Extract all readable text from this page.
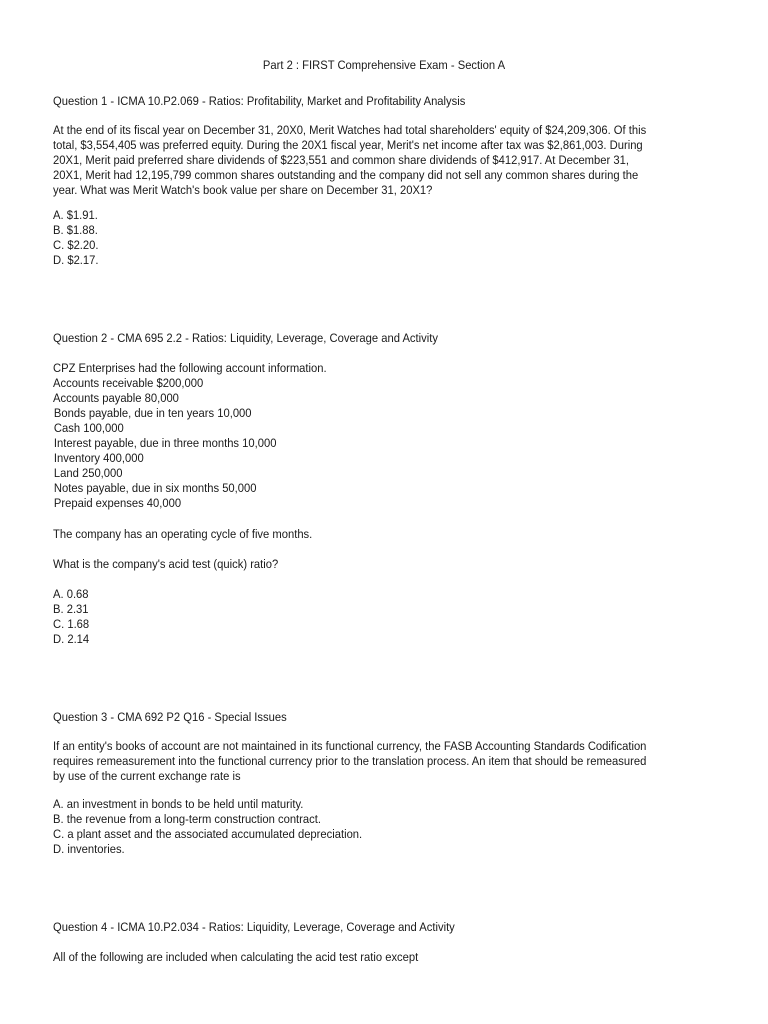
Part 2 : FIRST Comprehensive Exam - Section A
Question 1 - ICMA 10.P2.069 - Ratios: Profitability, Market and Profitability Analysis
At the end of its fiscal year on December 31, 20X0, Merit Watches had total shareholders' equity of $24,209,306. Of this
total, $3,554,405 was preferred equity. During the 20X1 fiscal year, Merit's net income after tax was $2,861,003. During
20X1, Merit paid preferred share dividends of $223,551 and common share dividends of $412,917. At December 31,
20X1, Merit had 12,195,799 common shares outstanding and the company did not sell any common shares during the
year. What was Merit Watch's book value per share on December 31, 20X1?
A. $1.91.
B. $1.88.
C. $2.20.
D. $2.17.
Question 2 - CMA 695 2.2 - Ratios: Liquidity, Leverage, Coverage and Activity
CPZ Enterprises had the following account information.
Accounts receivable $200,000
Accounts payable 80,000
Bonds payable, due in ten years 10,000
Cash 100,000
Interest payable, due in three months 10,000
Inventory 400,000
Land 250,000
Notes payable, due in six months 50,000
Prepaid expenses 40,000
The company has an operating cycle of five months.
What is the company's acid test (quick) ratio?
A. 0.68
B. 2.31
C. 1.68
D. 2.14
Question 3 - CMA 692 P2 Q16 - Special Issues
If an entity's books of account are not maintained in its functional currency, the FASB Accounting Standards Codification
requires remeasurement into the functional currency prior to the translation process. An item that should be remeasured
by use of the current exchange rate is
A. an investment in bonds to be held until maturity.
B. the revenue from a long-term construction contract.
C. a plant asset and the associated accumulated depreciation.
D. inventories.
Question 4 - ICMA 10.P2.034 - Ratios: Liquidity, Leverage, Coverage and Activity
All of the following are included when calculating the acid test ratio except
